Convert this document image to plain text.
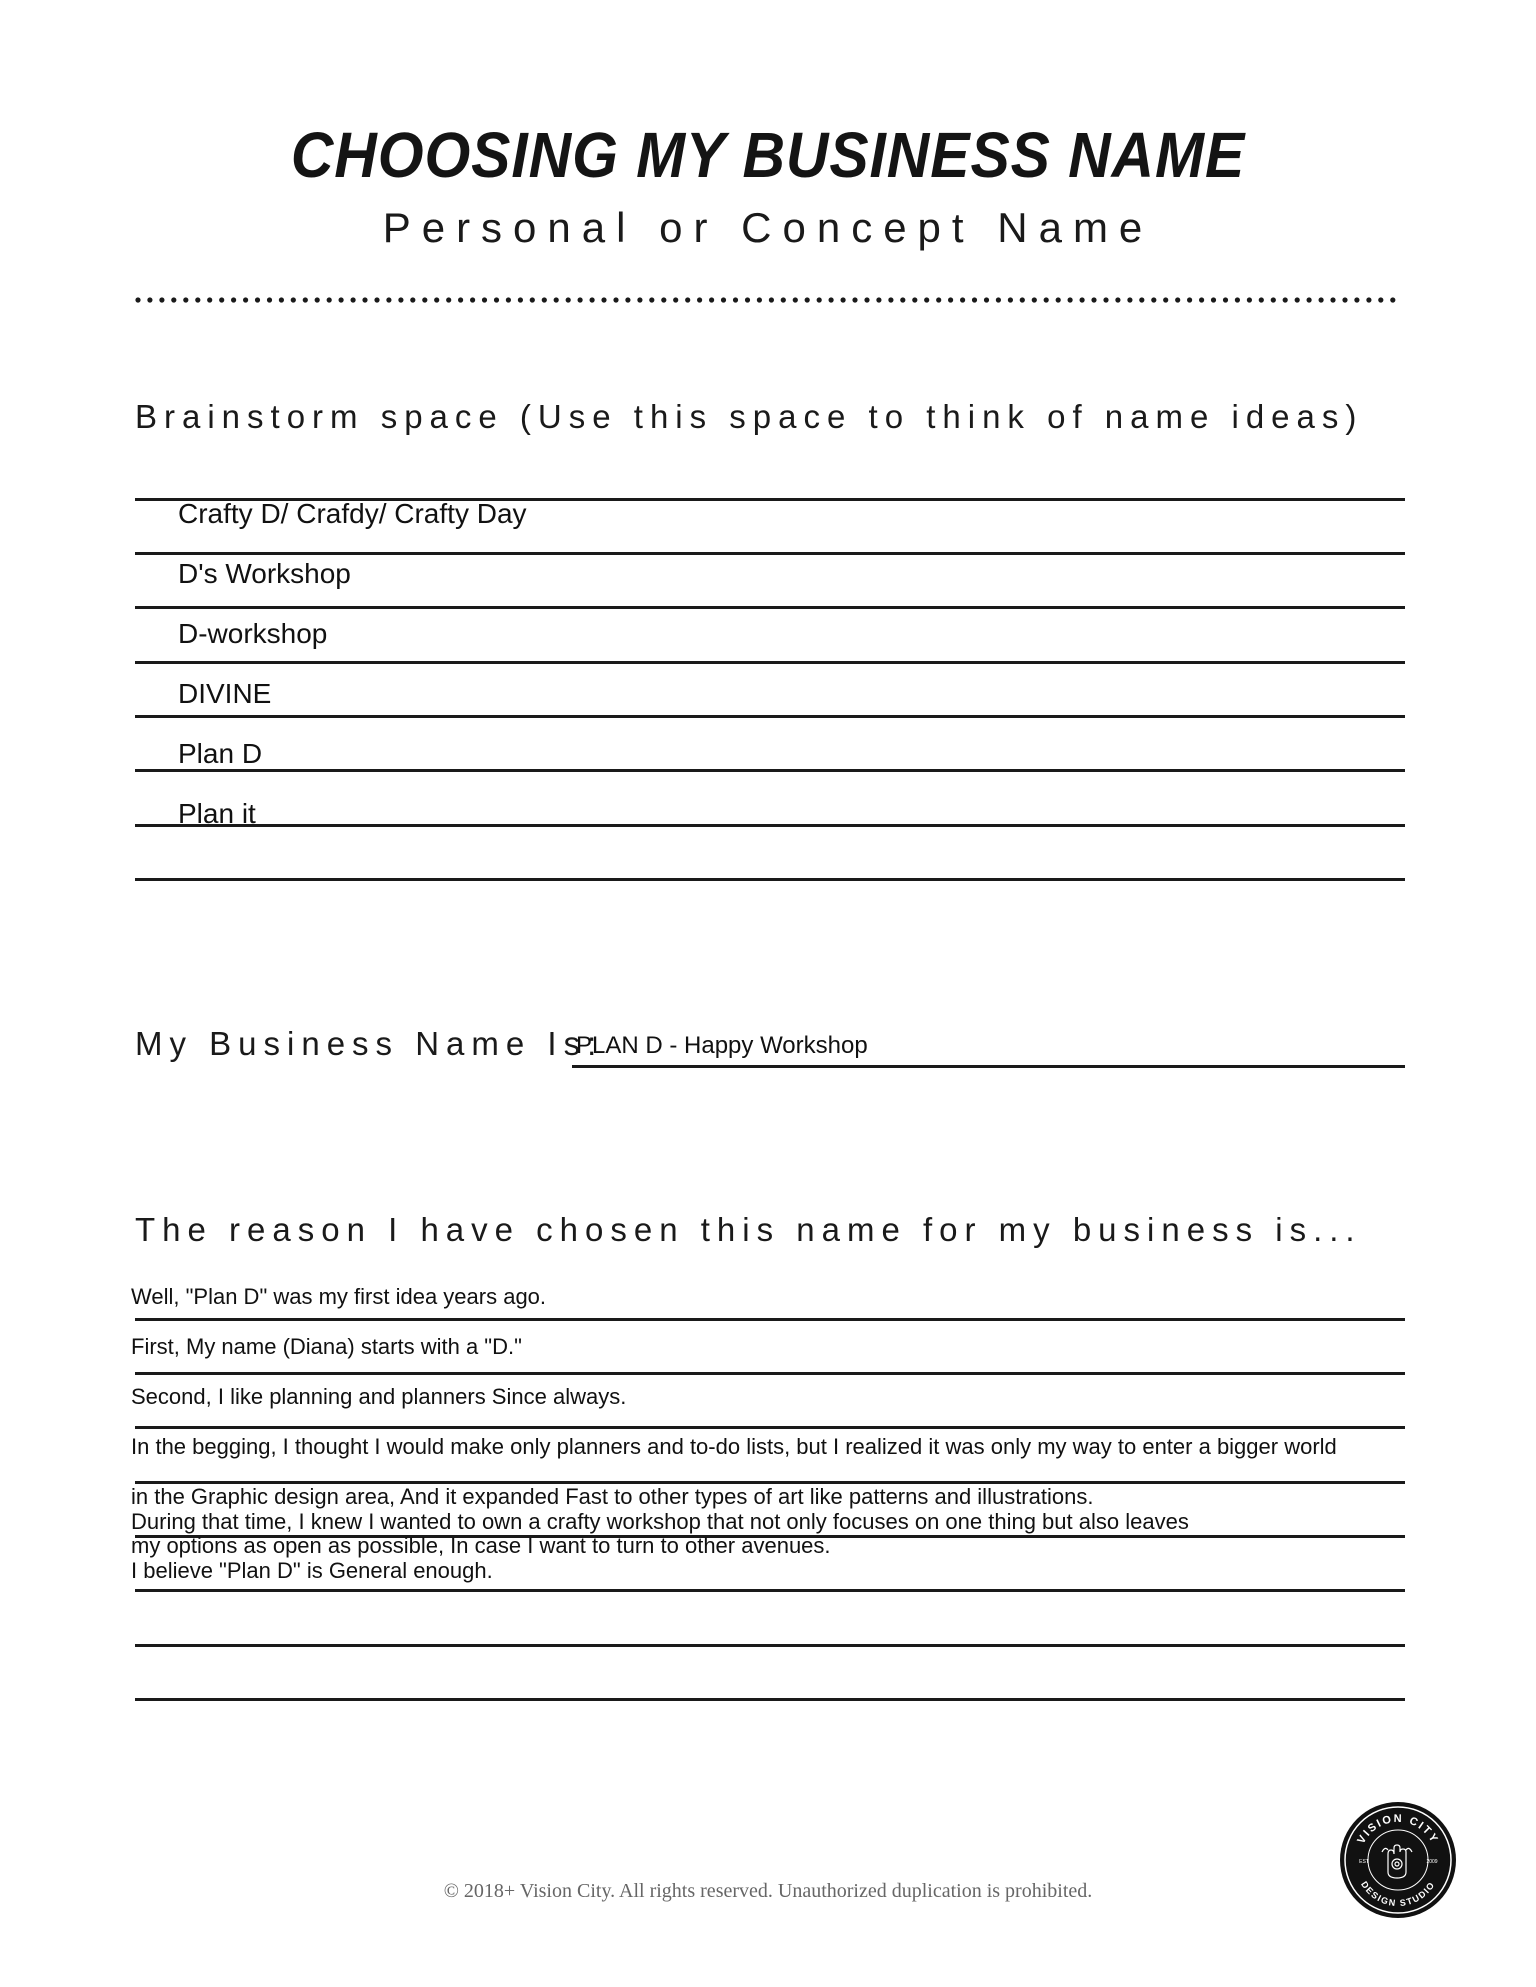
CHOOSING MY BUSINESS NAME
Personal or Concept Name
Brainstorm space (Use this space to think of name ideas)
Crafty D/ Crafdy/ Crafty Day
D's Workshop
D-workshop
DIVINE
Plan D
Plan it
My Business Name Is:
PLAN D - Happy Workshop
The reason I have chosen this name for my business is...
Well, "Plan D" was my first idea years ago.
First, My name (Diana) starts with a "D."
Second, I like planning and planners Since always.
In the begging, I thought I would make only planners and to-do lists, but I realized it was only my way to enter a bigger world
in the Graphic design area, And it expanded Fast to other types of art like patterns and illustrations.
During that time, I knew I wanted to own a crafty workshop that not only focuses on one thing but also leaves
my options as open as possible, In case I want to turn to other avenues.
I believe "Plan D" is General enough.
© 2018+ Vision City. All rights reserved. Unauthorized duplication is prohibited.
VISION CITY
DESIGN STUDIO
EST	2009
